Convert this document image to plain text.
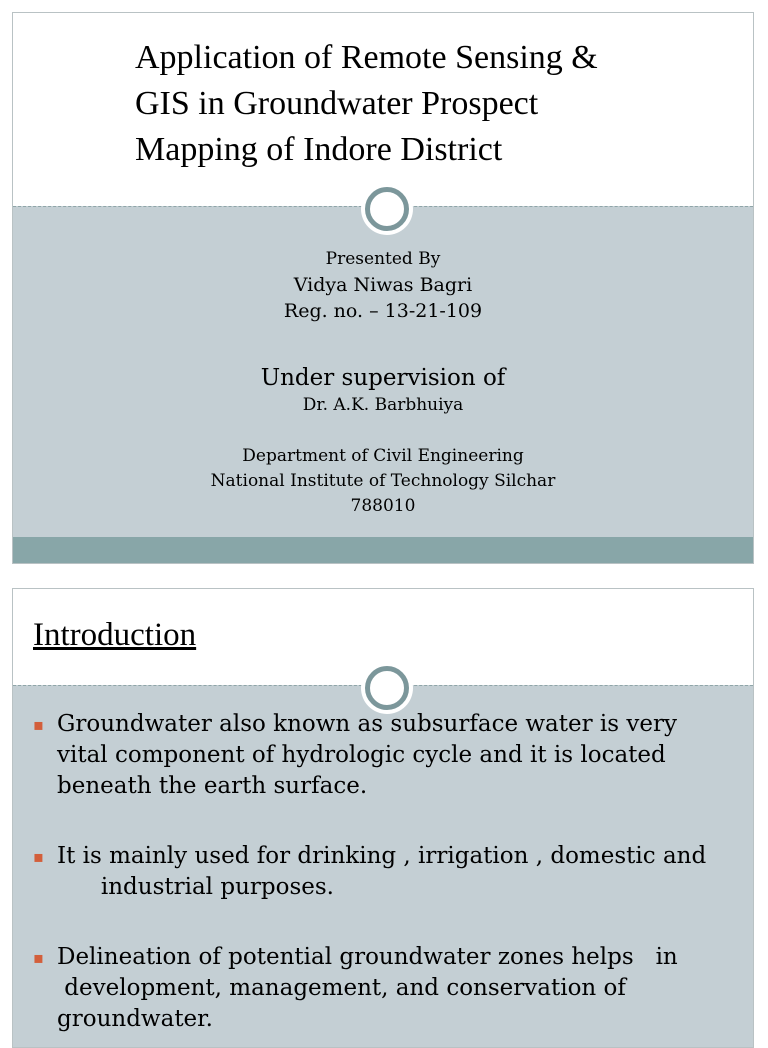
Application of Remote Sensing &
GIS in Groundwater Prospect
Mapping of Indore District
Presented By
Vidya Niwas Bagri
Reg. no. – 13-21-109
Under supervision of
Dr. A.K. Barbhuiya
Department of Civil Engineering
National Institute of Technology Silchar
788010
Introduction
▪ Groundwater also known as subsurface water is very
vital component of hydrologic cycle and it is located
beneath the earth surface.
▪ It is mainly used for drinking , irrigation , domestic and
industrial purposes.
▪ Delineation of potential groundwater zones helps   in
development, management, and conservation of
groundwater.
